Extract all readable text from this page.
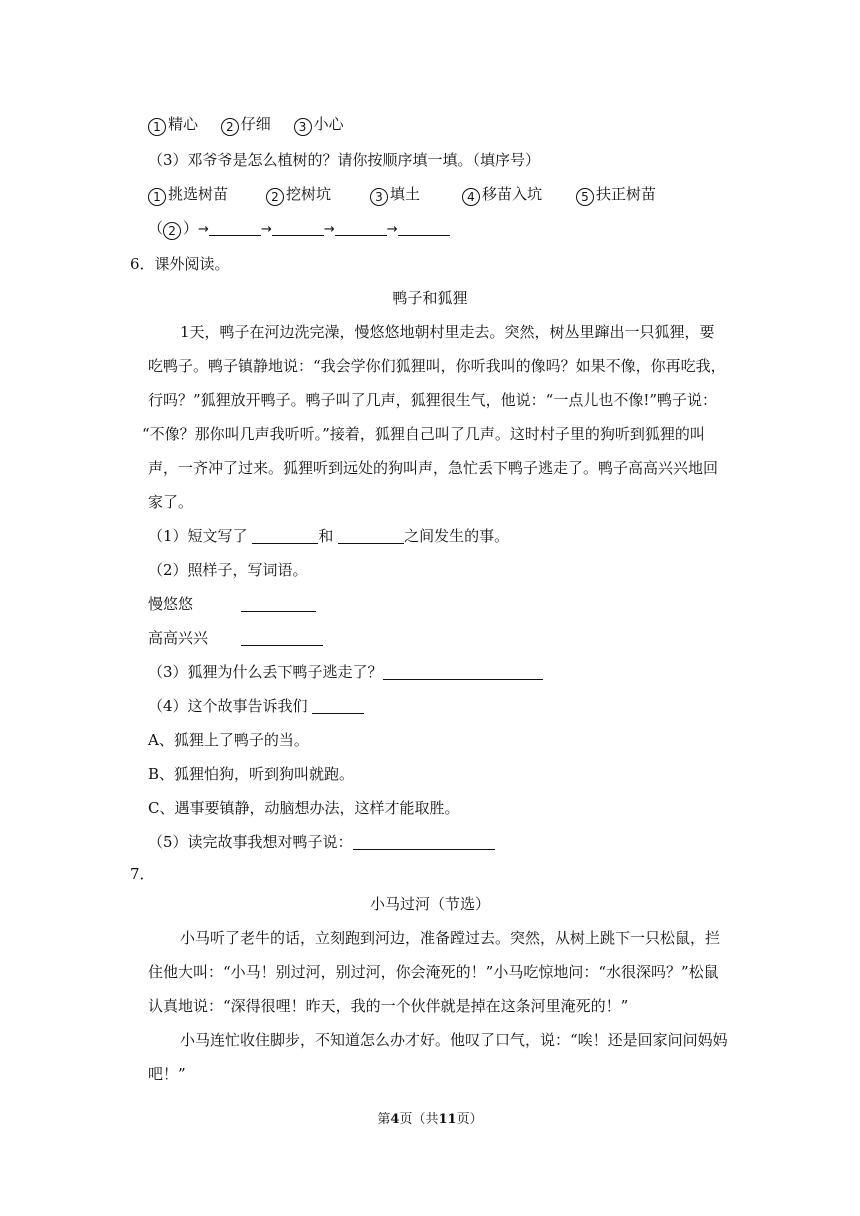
1 精心 2 仔细 3 小心
（3）邓爷爷是怎么植树的？请你按顺序填一填。（填序号）
1 挑选树苗	2 挖树坑	3 填土	4 移苗入坑	5 扶正树苗
（ 2 ）→	→	→	→
6．课外阅读。
鸭子和狐狸
1天，鸭子在河边洗完澡，慢悠悠地朝村里走去。突然，树丛里蹿出一只狐狸，要
吃鸭子。鸭子镇静地说：“我会学你们狐狸叫，你听我叫的像吗？如果不像，你再吃我，
行吗？”狐狸放开鸭子。鸭子叫了几声，狐狸很生气，他说：“一点儿也不像!”鸭子说：
“不像？那你叫几声我听听。”接着，狐狸自己叫了几声。这时村子里的狗听到狐狸的叫
声，一齐冲了过来。狐狸听到远处的狗叫声，急忙丢下鸭子逃走了。鸭子高高兴兴地回
家了。
（1）短文写了	和	之间发生的事。
（2）照样子，写词语。
慢悠悠
高高兴兴
（3）狐狸为什么丢下鸭子逃走了？
（4）这个故事告诉我们
A、狐狸上了鸭子的当。
B、狐狸怕狗，听到狗叫就跑。
C、遇事要镇静，动脑想办法，这样才能取胜。
（5）读完故事我想对鸭子说：
7．
小马过河（节选）
小马听了老牛的话，立刻跑到河边，准备蹚过去。突然，从树上跳下一只松鼠，拦
住他大叫：“小马！别过河，别过河，你会淹死的！”小马吃惊地问：“水很深吗？”松鼠
认真地说：“深得很哩！昨天，我的一个伙伴就是掉在这条河里淹死的！”
小马连忙收住脚步，不知道怎么办才好。他叹了口气，说：“唉！还是回家问问妈妈
吧！”
第4页（共11页）
